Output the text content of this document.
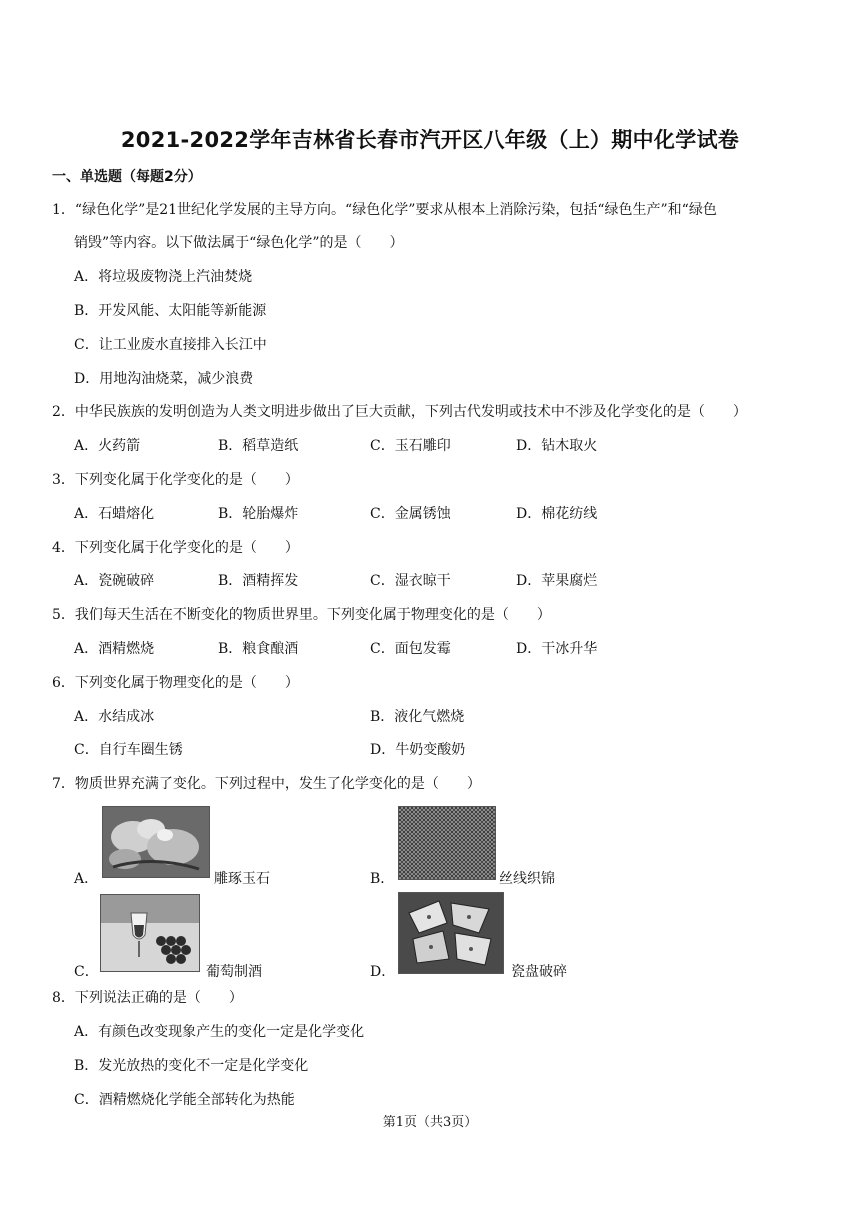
2021-2022学年吉林省长春市汽开区八年级（上）期中化学试卷
一、单选题（每题2分）
1．“绿色化学”是21世纪化学发展的主导方向。“绿色化学”要求从根本上消除污染，包括“绿色生产”和“绿色
销毁”等内容。以下做法属于“绿色化学”的是（　　）
A．将垃圾废物浇上汽油焚烧
B．开发风能、太阳能等新能源
C．让工业废水直接排入长江中
D．用地沟油烧菜，减少浪费
2．中华民族族的发明创造为人类文明进步做出了巨大贡献，下列古代发明或技术中不涉及化学变化的是（　　）
A．火药箭	B．稻草造纸	C．玉石雕印	D．钻木取火
3．下列变化属于化学变化的是（　　）
A．石蜡熔化	B．轮胎爆炸	C．金属锈蚀	D．棉花纺线
4．下列变化属于化学变化的是（　　）
A．瓷碗破碎	B．酒精挥发	C．湿衣晾干	D．苹果腐烂
5．我们每天生活在不断变化的物质世界里。下列变化属于物理变化的是（　　）
A．酒精燃烧	B．粮食酿酒	C．面包发霉	D．干冰升华
6．下列变化属于物理变化的是（　　）
A．水结成冰	B．液化气燃烧
C．自行车圈生锈	D．牛奶变酸奶
7．物质世界充满了变化。下列过程中，发生了化学变化的是（　　）
A．	雕琢玉石	B．	丝线织锦
C．	葡萄制酒	D．	瓷盘破碎
8．下列说法正确的是（　　）
A．有颜色改变现象产生的变化一定是化学变化
B．发光放热的变化不一定是化学变化
C．酒精燃烧化学能全部转化为热能
第1页（共3页）
